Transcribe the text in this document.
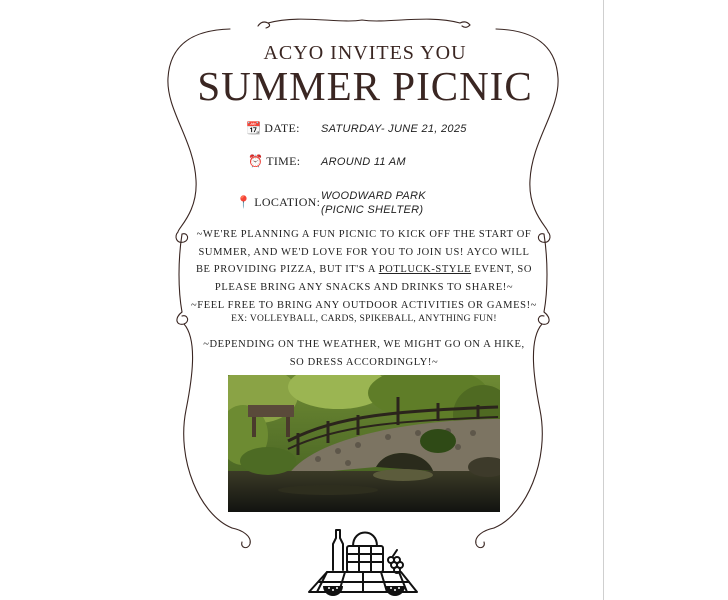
ACYO INVITES YOU
SUMMER PICNIC
📆 DATE: SATURDAY- JUNE 21, 2025
⏰ TIME: AROUND 11 AM
📍 LOCATION: WOODWARD PARK
(PICNIC SHELTER)
~WE'RE PLANNING A FUN PICNIC TO KICK OFF THE START OF
SUMMER, AND WE'D LOVE FOR YOU TO JOIN US! AYCO WILL
BE PROVIDING PIZZA, BUT IT'S A POTLUCK-STYLE EVENT, SO
PLEASE BRING ANY SNACKS AND DRINKS TO SHARE!~
~FEEL FREE TO BRING ANY OUTDOOR ACTIVITIES OR GAMES!~
EX: VOLLEYBALL, CARDS, SPIKEBALL, ANYTHING FUN!
~DEPENDING ON THE WEATHER, WE MIGHT GO ON A HIKE,
SO DRESS ACCORDINGLY!~
